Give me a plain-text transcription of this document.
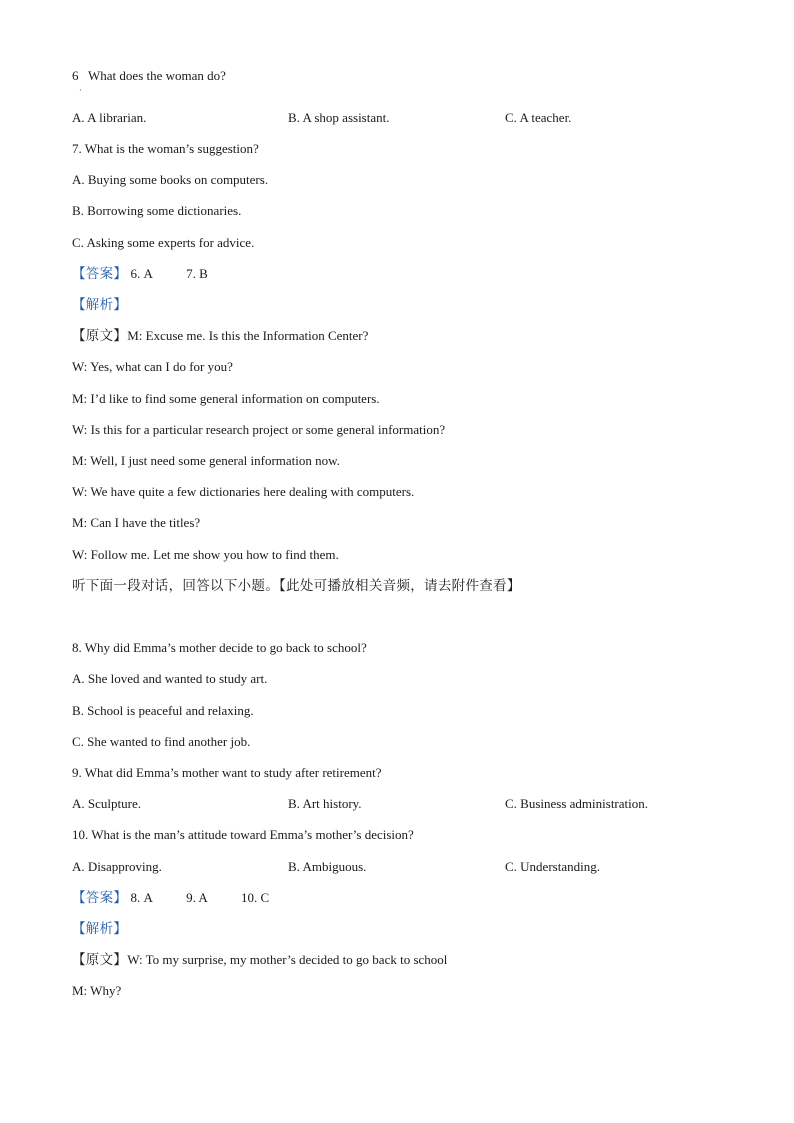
6 What does the woman do?
·
A. A librarian.	B. A shop assistant.	C. A teacher.
7. What is the woman’s suggestion?
A. Buying some books on computers.
B. Borrowing some dictionaries.
C. Asking some experts for advice.
【答案】 6. A	7. B
【解析】
【原文】M: Excuse me. Is this the Information Center?
W: Yes, what can I do for you?
M: I’d like to find some general information on computers.
W: Is this for a particular research project or some general information?
M: Well, I just need some general information now.
W: We have quite a few dictionaries here dealing with computers.
M: Can I have the titles?
W: Follow me. Let me show you how to find them.
听下面一段对话，回答以下小题。【此处可播放相关音频，请去附件查看】
8. Why did Emma’s mother decide to go back to school?
A. She loved and wanted to study art.
B. School is peaceful and relaxing.
C. She wanted to find another job.
9. What did Emma’s mother want to study after retirement?
A. Sculpture.	B. Art history.	C. Business administration.
10. What is the man’s attitude toward Emma’s mother’s decision?
A. Disapproving.	B. Ambiguous.	C. Understanding.
【答案】 8. A	9. A	10. C
【解析】
【原文】W: To my surprise, my mother’s decided to go back to school
M: Why?
